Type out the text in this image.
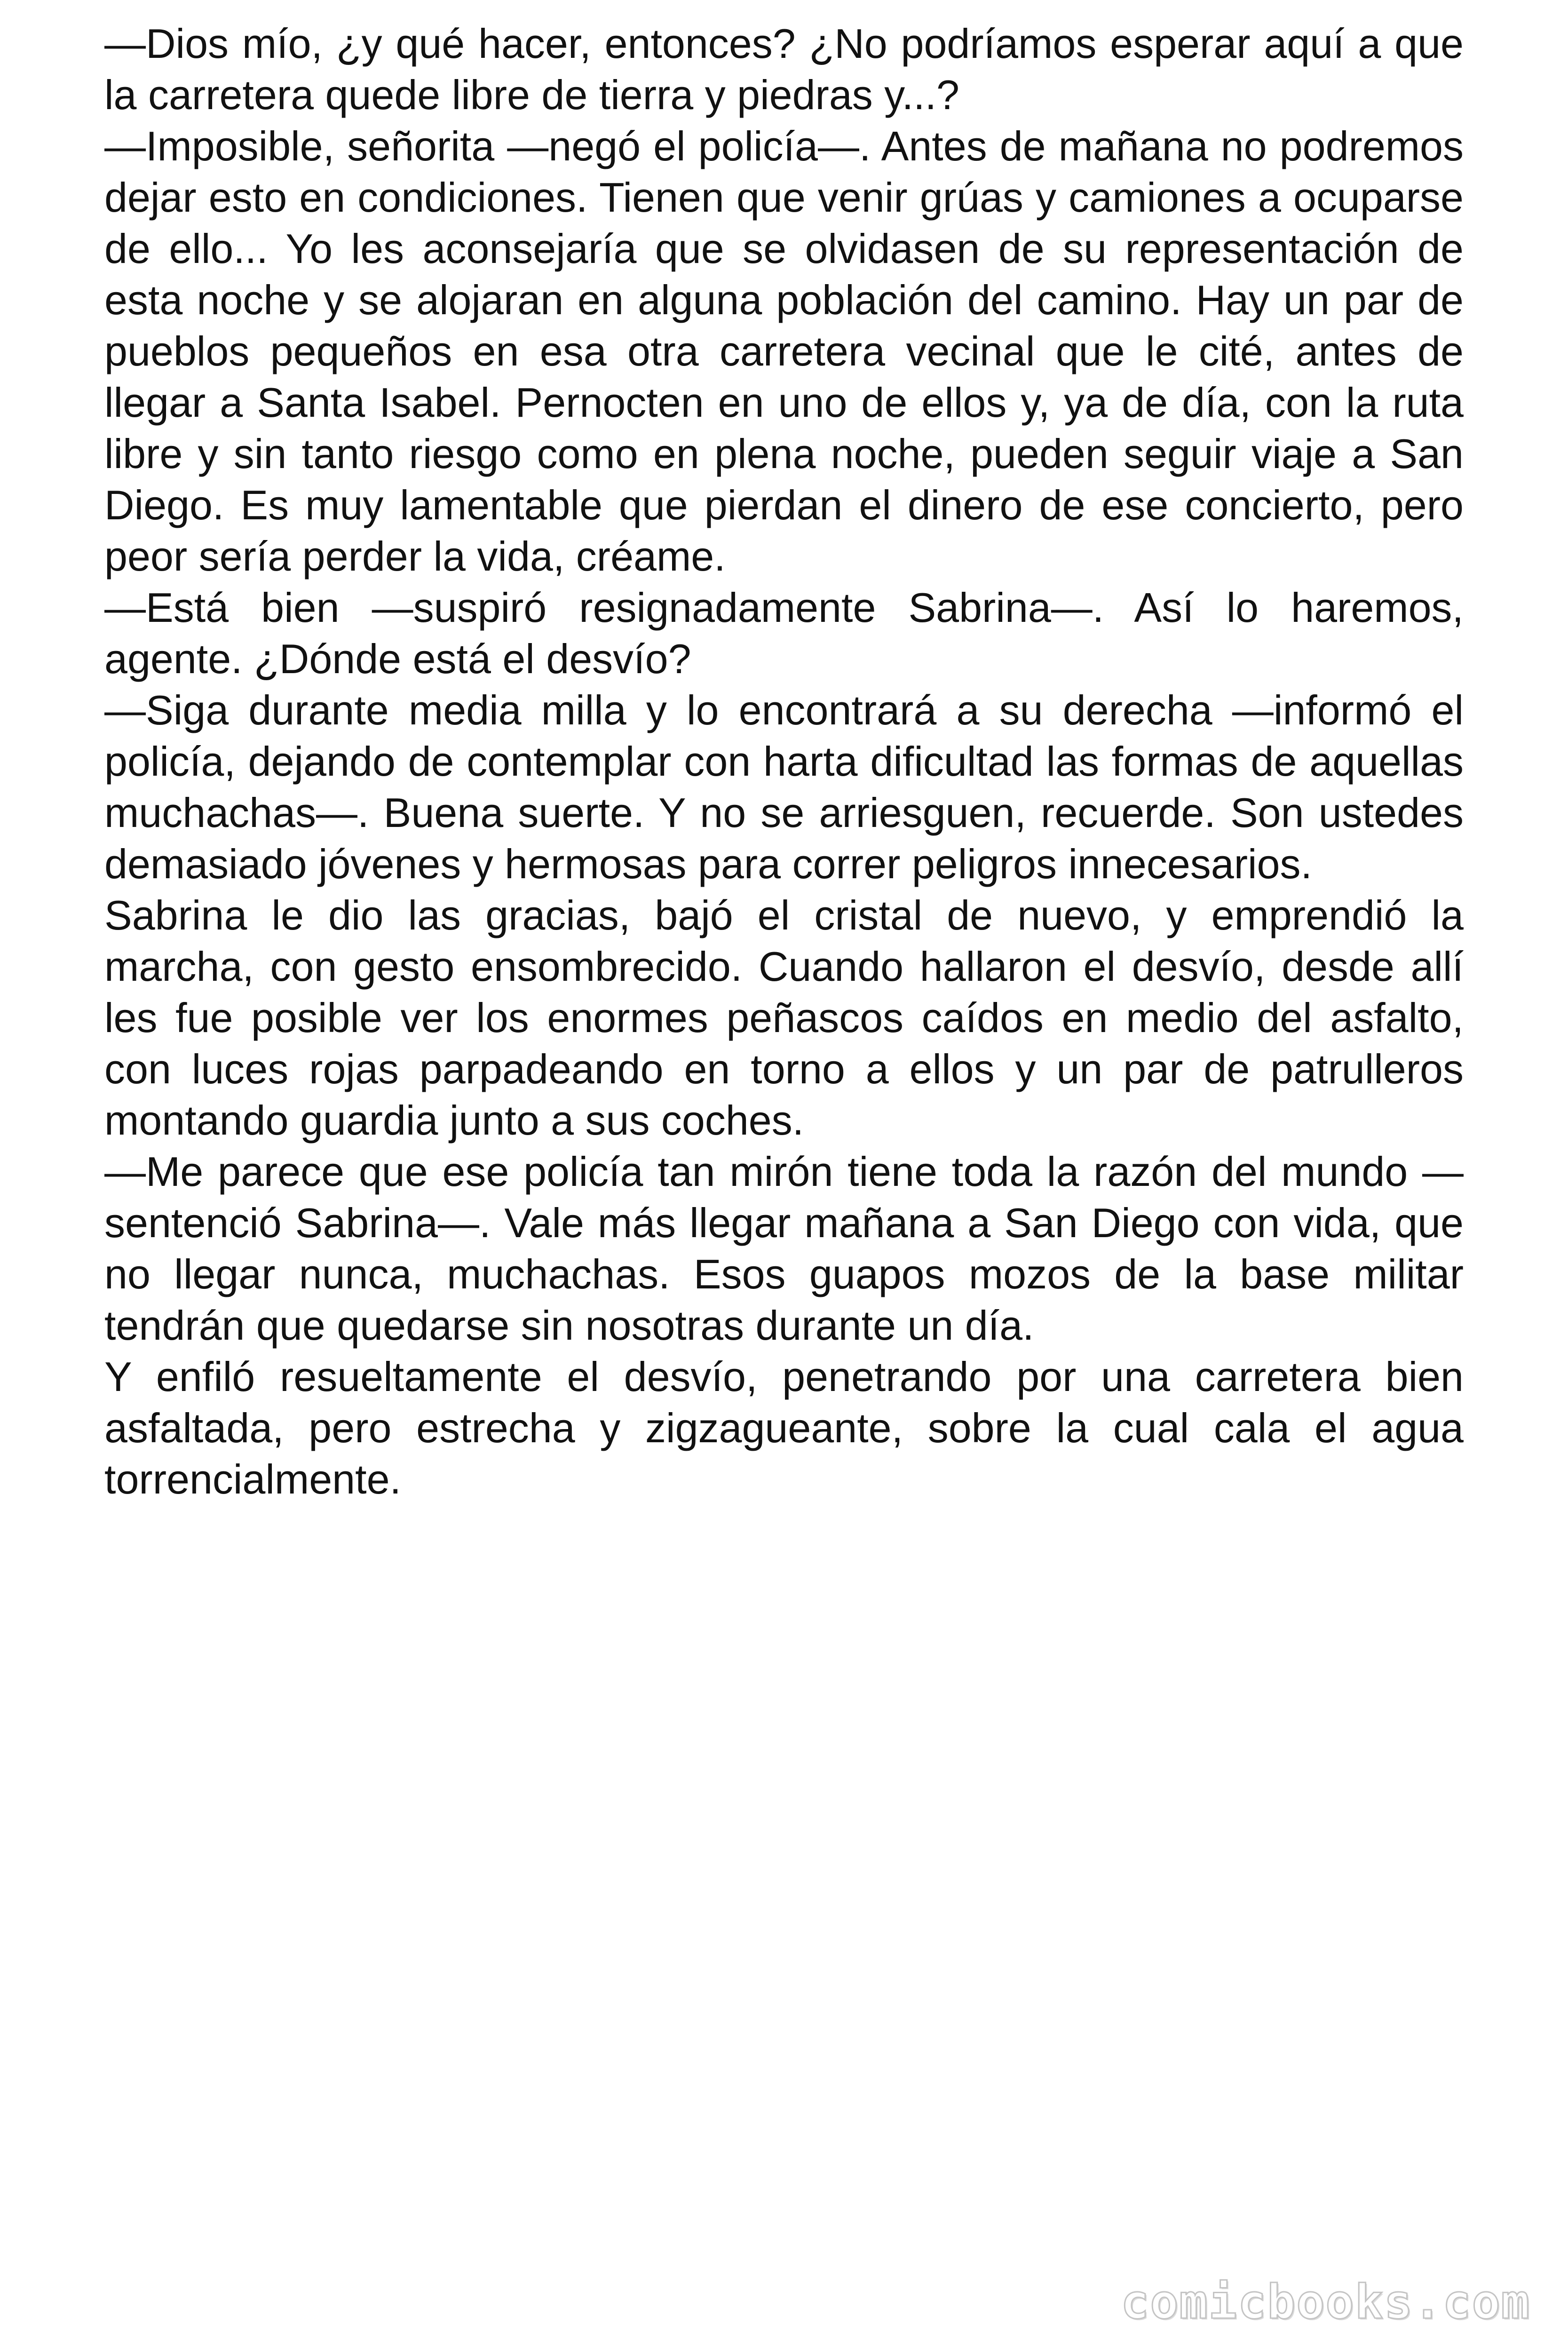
—Dios mío, ¿y qué hacer, entonces? ¿No podríamos esperar aquí a que la carretera quede libre de tierra y piedras y...?

—Imposible, señorita —negó el policía—. Antes de mañana no podremos dejar esto en condiciones. Tienen que venir grúas y camiones a ocuparse de ello... Yo les aconsejaría que se olvidasen de su representación de esta noche y se alojaran en alguna población del camino. Hay un par de pueblos pequeños en esa otra carretera vecinal que le cité, antes de llegar a Santa Isabel. Pernocten en uno de ellos y, ya de día, con la ruta libre y sin tanto riesgo como en plena noche, pueden seguir viaje a San Diego. Es muy lamentable que pierdan el dinero de ese concierto, pero peor sería perder la vida, créame.

—Está bien —suspiró resignadamente Sabrina—. Así lo haremos, agente. ¿Dónde está el desvío?

—Siga durante media milla y lo encontrará a su derecha —informó el policía, dejando de contemplar con harta dificultad las formas de aquellas muchachas—. Buena suerte. Y no se arriesguen, recuerde. Son ustedes demasiado jóvenes y hermosas para correr peligros innecesarios.

Sabrina le dio las gracias, bajó el cristal de nuevo, y emprendió la marcha, con gesto ensombrecido. Cuando hallaron el desvío, desde allí les fue posible ver los enormes peñascos caídos en medio del asfalto, con luces rojas parpadeando en torno a ellos y un par de patrulleros montando guardia junto a sus coches.

—Me parece que ese policía tan mirón tiene toda la razón del mundo —sentenció Sabrina—. Vale más llegar mañana a San Diego con vida, que no llegar nunca, muchachas. Esos guapos mozos de la base militar tendrán que quedarse sin nosotras durante un día.

Y enfiló resueltamente el desvío, penetrando por una carretera bien asfaltada, pero estrecha y zigzagueante, sobre la cual cala el agua torrencialmente.

comicbooks.com
